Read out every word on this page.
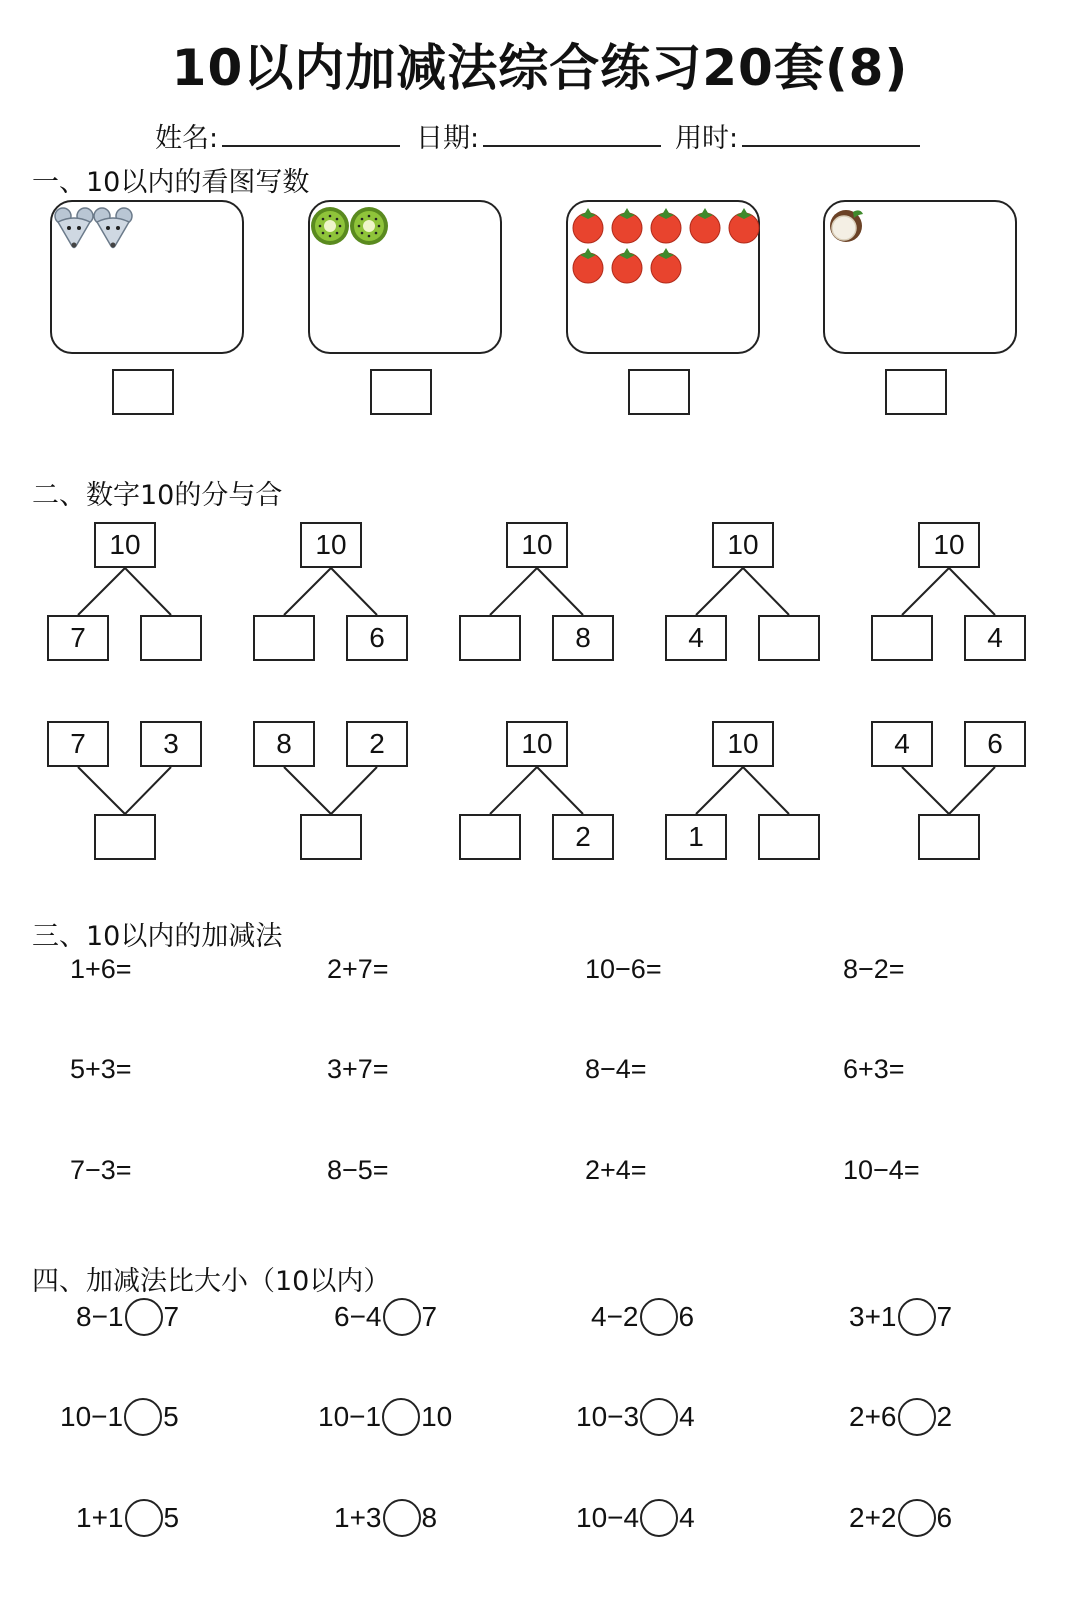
10以内加减法综合练习20套(8)
姓名:	日期:	用时:
一、10以内的看图写数
二、数字10的分与合
10
7
10
6
10
8
10
4
10
4
7	3	8	2	10
2
10
1
4	6
三、10以内的加减法
1+6=	2+7=	10−6=	8−2=
5+3=	3+7=	8−4=	6+3=
7−3=	8−5=	2+4=	10−4=
四、加减法比大小（10以内）
8−1 7	6−4 7	4−2 6	3+1 7
10−1 5	10−1 10	10−3 4	2+6 2
1+1 5	1+3 8	10−4 4	2+2 6
